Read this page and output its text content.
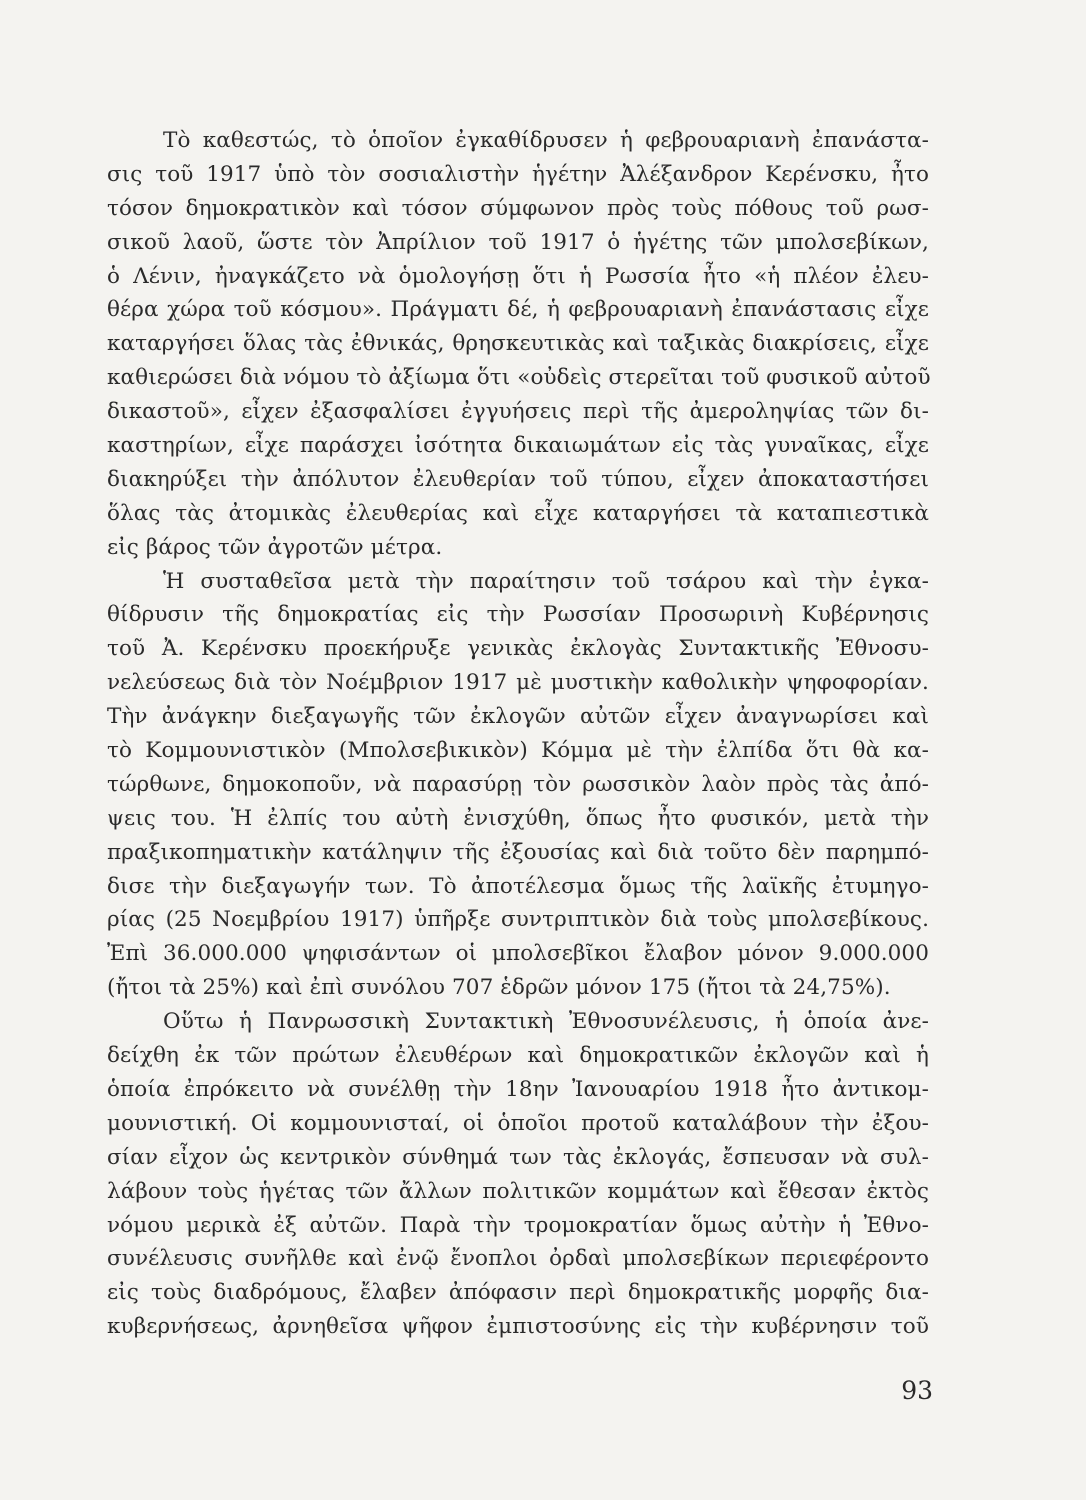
Τὸ καθεστώς, τὸ ὁποῖον ἐγκαθίδρυσεν ἡ φεβρουαριανὴ ἐπανάστα-
σις τοῦ 1917 ὑπὸ τὸν σοσιαλιστὴν ἡγέτην Ἀλέξανδρον Κερένσκυ, ἦτο
τόσον δημοκρατικὸν καὶ τόσον σύμφωνον πρὸς τοὺς πόθους τοῦ ρωσ-
σικοῦ λαοῦ, ὥστε τὸν Ἀπρίλιον τοῦ 1917 ὁ ἡγέτης τῶν μπολσεβίκων,
ὁ Λένιν, ἠναγκάζετο νὰ ὁμολογήσῃ ὅτι ἡ Ρωσσία ἦτο «ἡ πλέον ἐλευ-
θέρα χώρα τοῦ κόσμου». Πράγματι δέ, ἡ φεβρουαριανὴ ἐπανάστασις εἶχε
καταργήσει ὅλας τὰς ἐθνικάς, θρησκευτικὰς καὶ ταξικὰς διακρίσεις, εἶχε
καθιερώσει διὰ νόμου τὸ ἀξίωμα ὅτι «οὐδεὶς στερεῖται τοῦ φυσικοῦ αὐτοῦ
δικαστοῦ», εἶχεν ἐξασφαλίσει ἐγγυήσεις περὶ τῆς ἀμεροληψίας τῶν δι-
καστηρίων, εἶχε παράσχει ἰσότητα δικαιωμάτων εἰς τὰς γυναῖκας, εἶχε
διακηρύξει τὴν ἀπόλυτον ἐλευθερίαν τοῦ τύπου, εἶχεν ἀποκαταστήσει
ὅλας τὰς ἀτομικὰς ἐλευθερίας καὶ εἶχε καταργήσει τὰ καταπιεστικὰ
εἰς βάρος τῶν ἀγροτῶν μέτρα.
Ἡ συσταθεῖσα μετὰ τὴν παραίτησιν τοῦ τσάρου καὶ τὴν ἐγκα-
θίδρυσιν τῆς δημοκρατίας εἰς τὴν Ρωσσίαν Προσωρινὴ Κυβέρνησις
τοῦ Ἀ. Κερένσκυ προεκήρυξε γενικὰς ἐκλογὰς Συντακτικῆς Ἐθνοσυ-
νελεύσεως διὰ τὸν Νοέμβριον 1917 μὲ μυστικὴν καθολικὴν ψηφοφορίαν.
Τὴν ἀνάγκην διεξαγωγῆς τῶν ἐκλογῶν αὐτῶν εἶχεν ἀναγνωρίσει καὶ
τὸ Κομμουνιστικὸν (Μπολσεβικικὸν) Κόμμα μὲ τὴν ἐλπίδα ὅτι θὰ κα-
τώρθωνε, δημοκοποῦν, νὰ παρασύρῃ τὸν ρωσσικὸν λαὸν πρὸς τὰς ἀπό-
ψεις του. Ἡ ἐλπίς του αὐτὴ ἐνισχύθη, ὅπως ἦτο φυσικόν, μετὰ τὴν
πραξικοπηματικὴν κατάληψιν τῆς ἐξουσίας καὶ διὰ τοῦτο δὲν παρημπό-
δισε τὴν διεξαγωγήν των. Τὸ ἀποτέλεσμα ὅμως τῆς λαϊκῆς ἐτυμηγο-
ρίας (25 Νοεμβρίου 1917) ὑπῆρξε συντριπτικὸν διὰ τοὺς μπολσεβίκους.
Ἐπὶ 36.000.000 ψηφισάντων οἱ μπολσεβῖκοι ἔλαβον μόνον 9.000.000
(ἤτοι τὰ 25%) καὶ ἐπὶ συνόλου 707 ἑδρῶν μόνον 175 (ἤτοι τὰ 24,75%).
Οὕτω ἡ Πανρωσσικὴ Συντακτικὴ Ἐθνοσυνέλευσις, ἡ ὁποία ἀνε-
δείχθη ἐκ τῶν πρώτων ἐλευθέρων καὶ δημοκρατικῶν ἐκλογῶν καὶ ἡ
ὁποία ἐπρόκειτο νὰ συνέλθῃ τὴν 18ην Ἰανουαρίου 1918 ἦτο ἀντικομ-
μουνιστική. Οἱ κομμουνισταί, οἱ ὁποῖοι προτοῦ καταλάβουν τὴν ἐξου-
σίαν εἶχον ὡς κεντρικὸν σύνθημά των τὰς ἐκλογάς, ἔσπευσαν νὰ συλ-
λάβουν τοὺς ἡγέτας τῶν ἄλλων πολιτικῶν κομμάτων καὶ ἔθεσαν ἐκτὸς
νόμου μερικὰ ἐξ αὐτῶν. Παρὰ τὴν τρομοκρατίαν ὅμως αὐτὴν ἡ Ἐθνο-
συνέλευσις συνῆλθε καὶ ἐνῷ ἔνοπλοι ὀρδαὶ μπολσεβίκων περιεφέροντο
εἰς τοὺς διαδρόμους, ἔλαβεν ἀπόφασιν περὶ δημοκρατικῆς μορφῆς δια-
κυβερνήσεως, ἀρνηθεῖσα ψῆφον ἐμπιστοσύνης εἰς τὴν κυβέρνησιν τοῦ
93
